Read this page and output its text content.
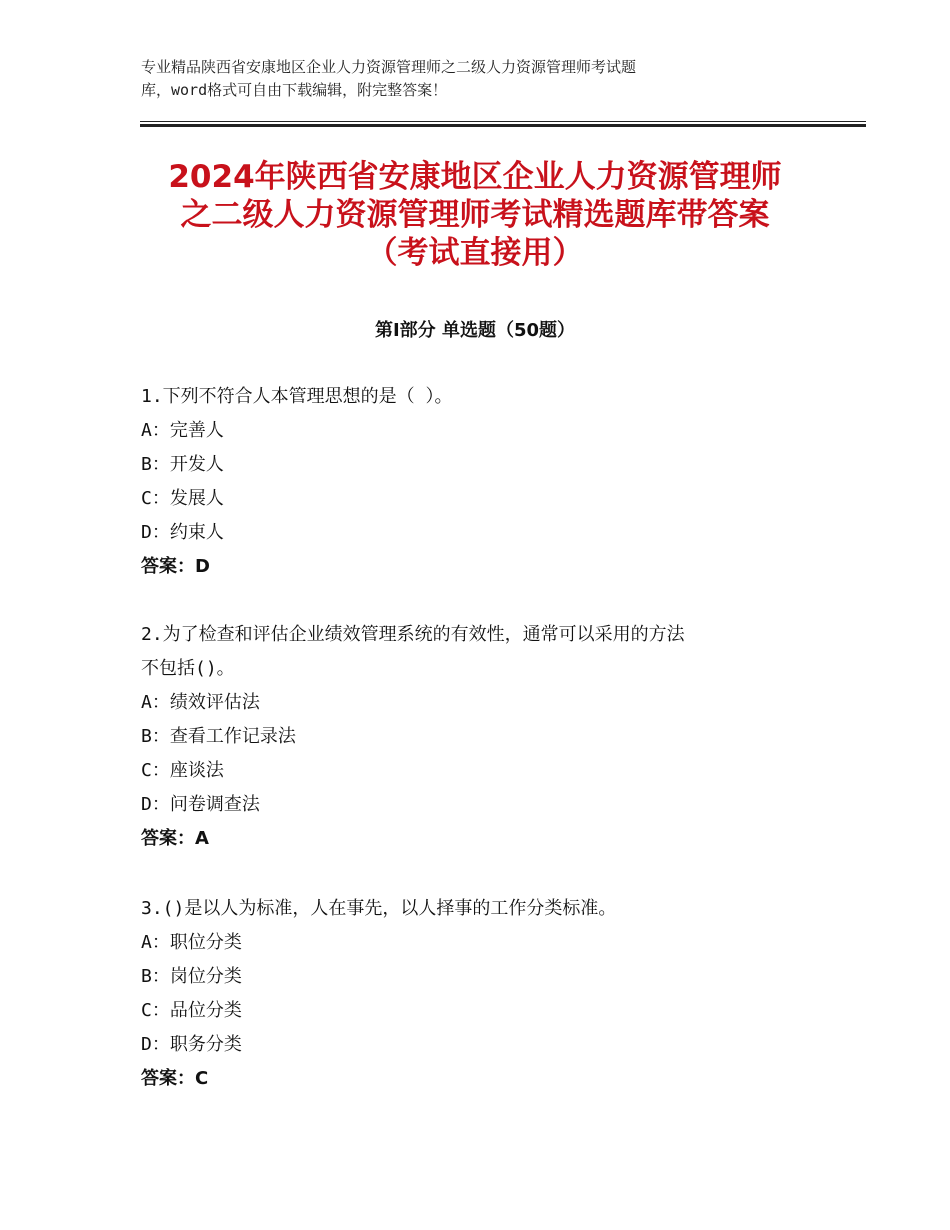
专业精品陕西省安康地区企业人力资源管理师之二级人力资源管理师考试题
库，word格式可自由下载编辑，附完整答案！
2024年陕西省安康地区企业人力资源管理师
之二级人力资源管理师考试精选题库带答案
（考试直接用）
第Ⅰ部分 单选题（50题）
1.下列不符合人本管理思想的是（ ）。
A：完善人
B：开发人
C：发展人
D：约束人
答案：D
2.为了检查和评估企业绩效管理系统的有效性，通常可以采用的方法
不包括()。
A：绩效评估法
B：查看工作记录法
C：座谈法
D：问卷调查法
答案：A
3.()是以人为标准，人在事先，以人择事的工作分类标准。
A：职位分类
B：岗位分类
C：品位分类
D：职务分类
答案：C
